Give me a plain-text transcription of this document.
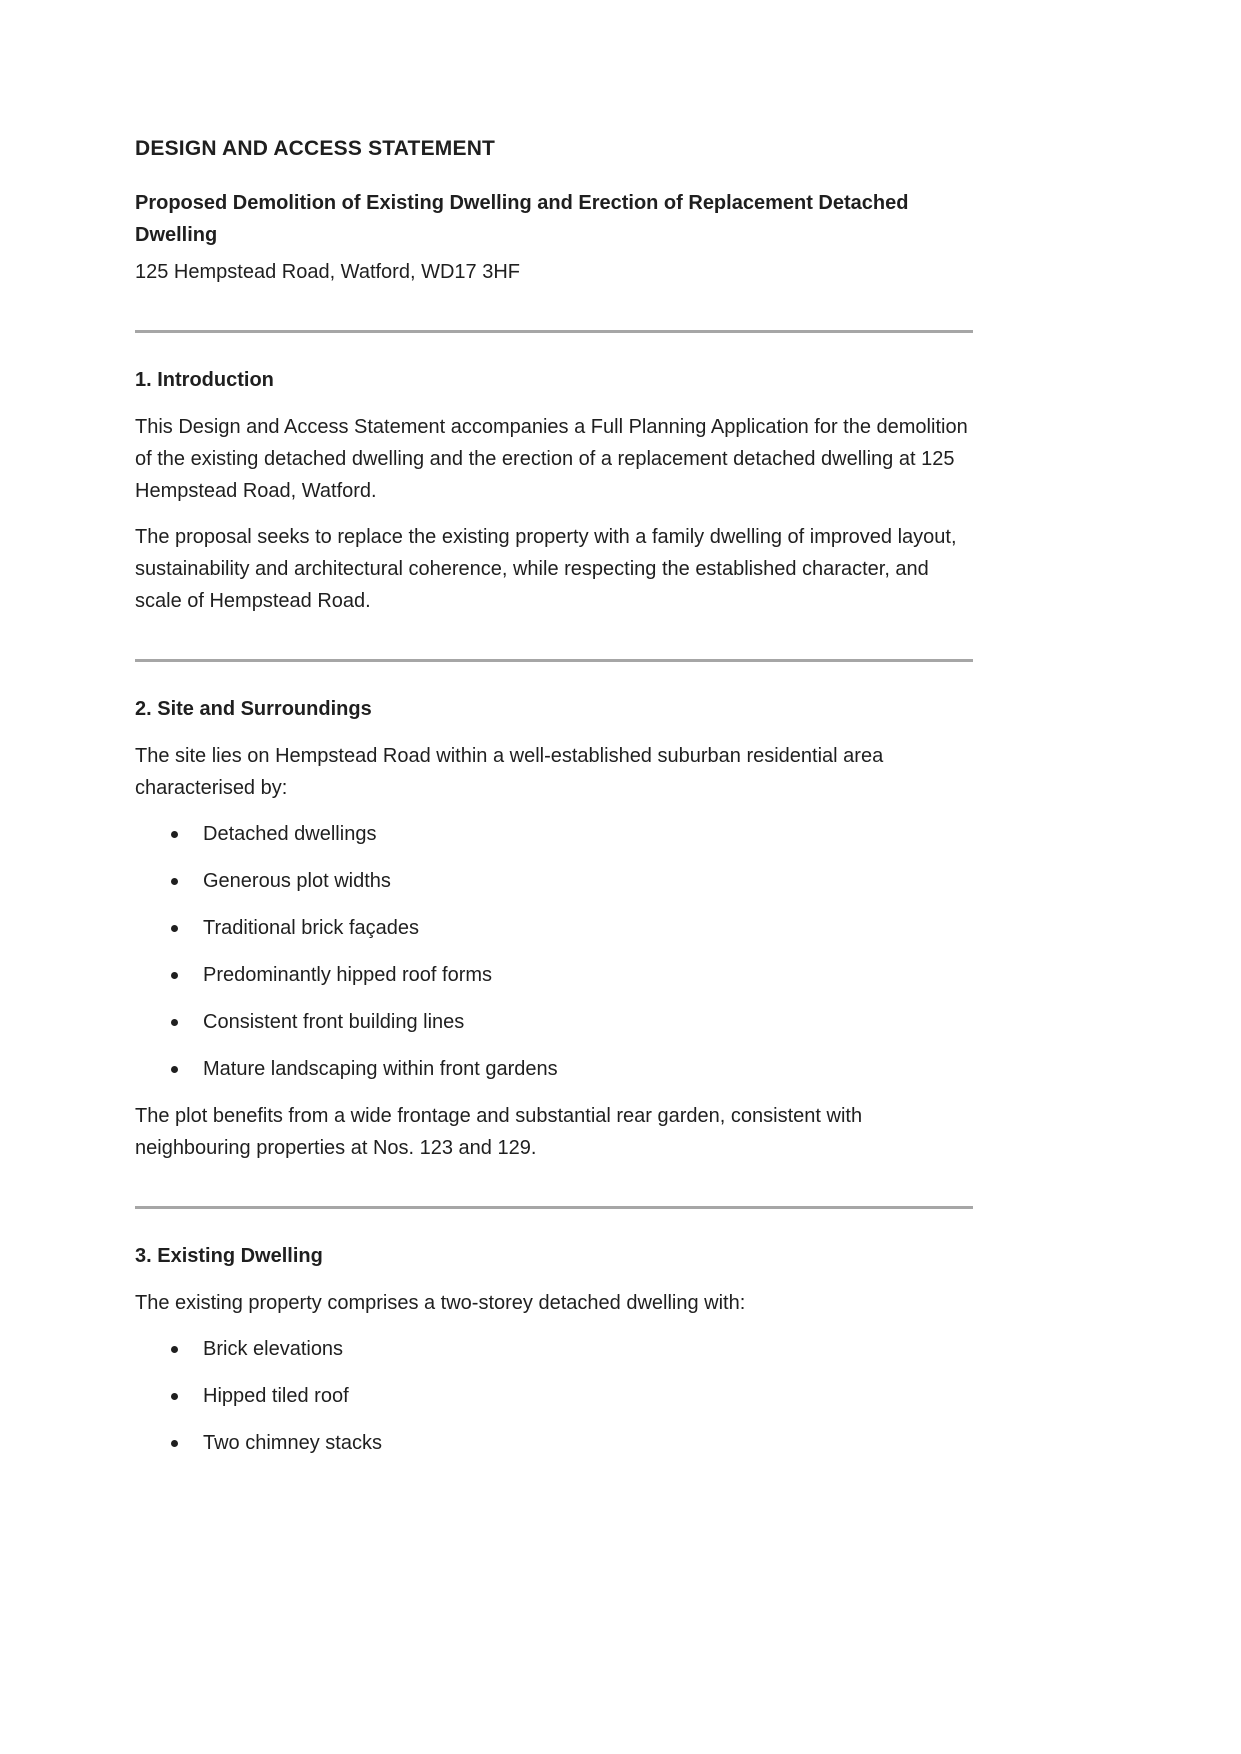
DESIGN AND ACCESS STATEMENT
Proposed Demolition of Existing Dwelling and Erection of Replacement Detached Dwelling

125 Hempstead Road, Watford, WD17 3HF

1. Introduction

This Design and Access Statement accompanies a Full Planning Application for the demolition of the existing detached dwelling and the erection of a replacement detached dwelling at 125 Hempstead Road, Watford.

The proposal seeks to replace the existing property with a family dwelling of improved layout, sustainability and architectural coherence, while respecting the established character, and scale of Hempstead Road.

2. Site and Surroundings

The site lies on Hempstead Road within a well-established suburban residential area characterised by:

Detached dwellings
Generous plot widths
Traditional brick façades
Predominantly hipped roof forms
Consistent front building lines
Mature landscaping within front gardens

The plot benefits from a wide frontage and substantial rear garden, consistent with neighbouring properties at Nos. 123 and 129.

3. Existing Dwelling

The existing property comprises a two-storey detached dwelling with:

Brick elevations
Hipped tiled roof
Two chimney stacks
